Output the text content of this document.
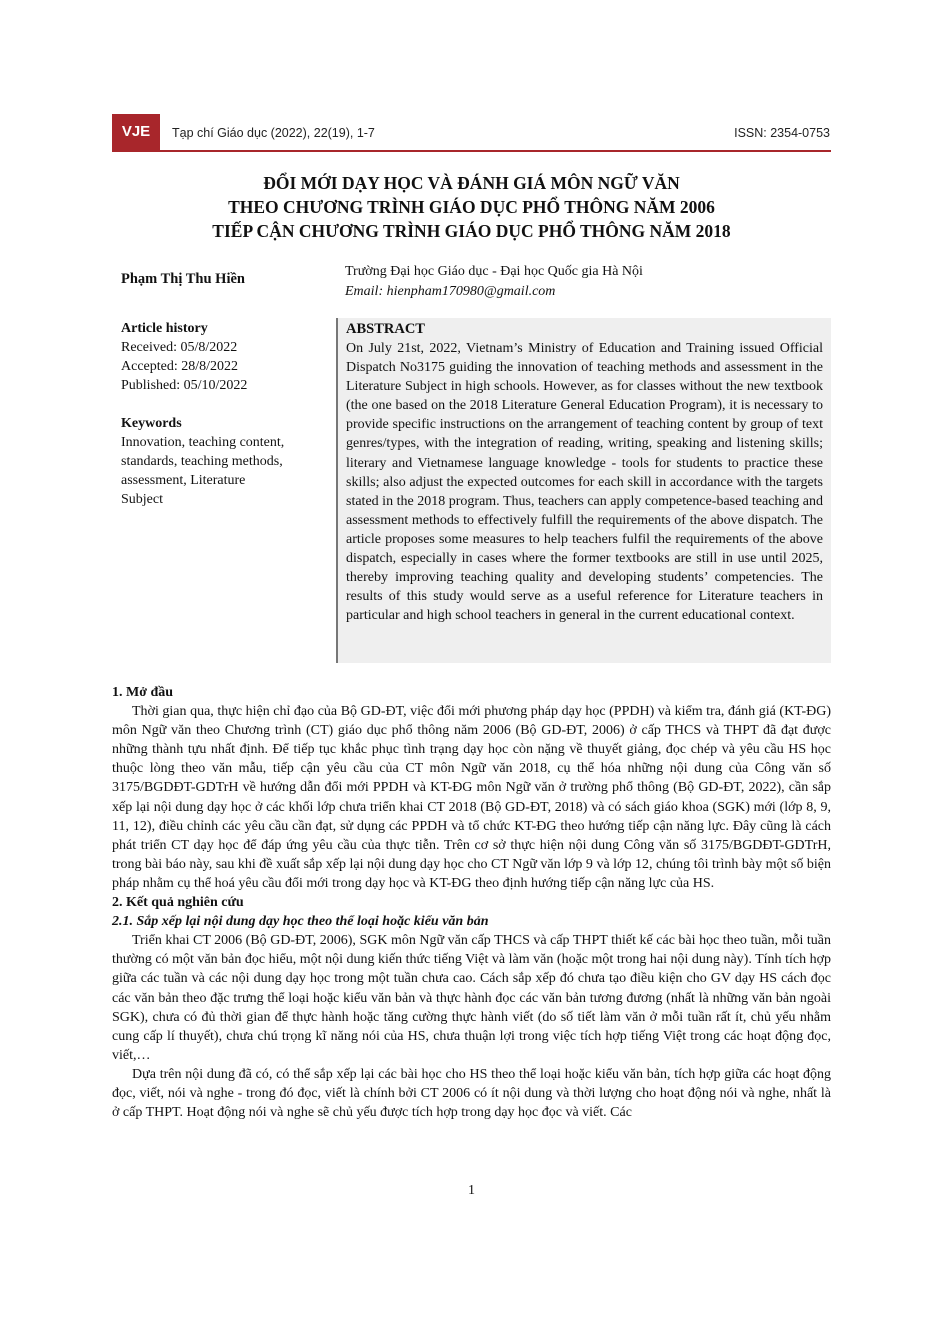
VJE	Tạp chí Giáo dục (2022), 22(19), 1-7	ISSN: 2354-0753
ĐỔI MỚI DẠY HỌC VÀ ĐÁNH GIÁ MÔN NGỮ VĂN
THEO CHƯƠNG TRÌNH GIÁO DỤC PHỔ THÔNG NĂM 2006
TIẾP CẬN CHƯƠNG TRÌNH GIÁO DỤC PHỔ THÔNG NĂM 2018
Phạm Thị Thu Hiền	Trường Đại học Giáo dục - Đại học Quốc gia Hà Nội
Email: hienpham170980@gmail.com
Article history
Received: 05/8/2022
Accepted: 28/8/2022
Published: 05/10/2022
Keywords
Innovation, teaching content,
standards, teaching methods,
assessment, Literature
Subject
ABSTRACT

On July 21st, 2022, Vietnam’s Ministry of Education and Training issued Official Dispatch No3175 guiding the innovation of teaching methods and assessment in the Literature Subject in high schools. However, as for classes without the new textbook (the one based on the 2018 Literature General Education Program), it is necessary to provide specific instructions on the arrangement of teaching content by group of text genres/types, with the integration of reading, writing, speaking and listening skills; literary and Vietnamese language knowledge - tools for students to practice these skills; also adjust the expected outcomes for each skill in accordance with the targets stated in the 2018 program. Thus, teachers can apply competence-based teaching and assessment methods to effectively fulfill the requirements of the above dispatch. The article proposes some measures to help teachers fulfil the requirements of the above dispatch, especially in cases where the former textbooks are still in use until 2025, thereby improving teaching quality and developing students’ competencies. The results of this study would serve as a useful reference for Literature teachers in particular and high school teachers in general in the current educational context.

1. Mở đầu

Thời gian qua, thực hiện chỉ đạo của Bộ GD-ĐT, việc đổi mới phương pháp dạy học (PPDH) và kiểm tra, đánh giá (KT-ĐG) môn Ngữ văn theo Chương trình (CT) giáo dục phổ thông năm 2006 (Bộ GD-ĐT, 2006) ở cấp THCS và THPT đã đạt được những thành tựu nhất định. Để tiếp tục khắc phục tình trạng dạy học còn nặng về thuyết giảng, đọc chép và yêu cầu HS học thuộc lòng theo văn mẫu, tiếp cận yêu cầu của CT môn Ngữ văn 2018, cụ thể hóa những nội dung của Công văn số 3175/BGDĐT-GDTrH về hướng dẫn đổi mới PPDH và KT-ĐG môn Ngữ văn ở trường phổ thông (Bộ GD-ĐT, 2022), cần sắp xếp lại nội dung dạy học ở các khối lớp chưa triển khai CT 2018 (Bộ GD-ĐT, 2018) và có sách giáo khoa (SGK) mới (lớp 8, 9, 11, 12), điều chỉnh các yêu cầu cần đạt, sử dụng các PPDH và tổ chức KT-ĐG theo hướng tiếp cận năng lực. Đây cũng là cách phát triển CT dạy học để đáp ứng yêu cầu của thực tiễn. Trên cơ sở thực hiện nội dung Công văn số 3175/BGDĐT-GDTrH, trong bài báo này, sau khi đề xuất sắp xếp lại nội dung dạy học cho CT Ngữ văn lớp 9 và lớp 12, chúng tôi trình bày một số biện pháp nhằm cụ thể hoá yêu cầu đổi mới trong dạy học và KT-ĐG theo định hướng tiếp cận năng lực của HS.

2. Kết quả nghiên cứu
2.1. Sắp xếp lại nội dung dạy học theo thể loại hoặc kiểu văn bản

Triển khai CT 2006 (Bộ GD-ĐT, 2006), SGK môn Ngữ văn cấp THCS và cấp THPT thiết kế các bài học theo tuần, mỗi tuần thường có một văn bản đọc hiểu, một nội dung kiến thức tiếng Việt và làm văn (hoặc một trong hai nội dung này). Tính tích hợp giữa các tuần và các nội dung dạy học trong một tuần chưa cao. Cách sắp xếp đó chưa tạo điều kiện cho GV dạy HS cách đọc các văn bản theo đặc trưng thể loại hoặc kiểu văn bản và thực hành đọc các văn bản tương đương (nhất là những văn bản ngoài SGK), chưa có đủ thời gian để thực hành hoặc tăng cường thực hành viết (do số tiết làm văn ở mỗi tuần rất ít, chủ yếu nhằm cung cấp lí thuyết), chưa chú trọng kĩ năng nói của HS, chưa thuận lợi trong việc tích hợp tiếng Việt trong các hoạt động đọc, viết,…

Dựa trên nội dung đã có, có thể sắp xếp lại các bài học cho HS theo thể loại hoặc kiểu văn bản, tích hợp giữa các hoạt động đọc, viết, nói và nghe - trong đó đọc, viết là chính bởi CT 2006 có ít nội dung và thời lượng cho hoạt động nói và nghe, nhất là ở cấp THPT. Hoạt động nói và nghe sẽ chủ yếu được tích hợp trong dạy học đọc và viết. Các

1
